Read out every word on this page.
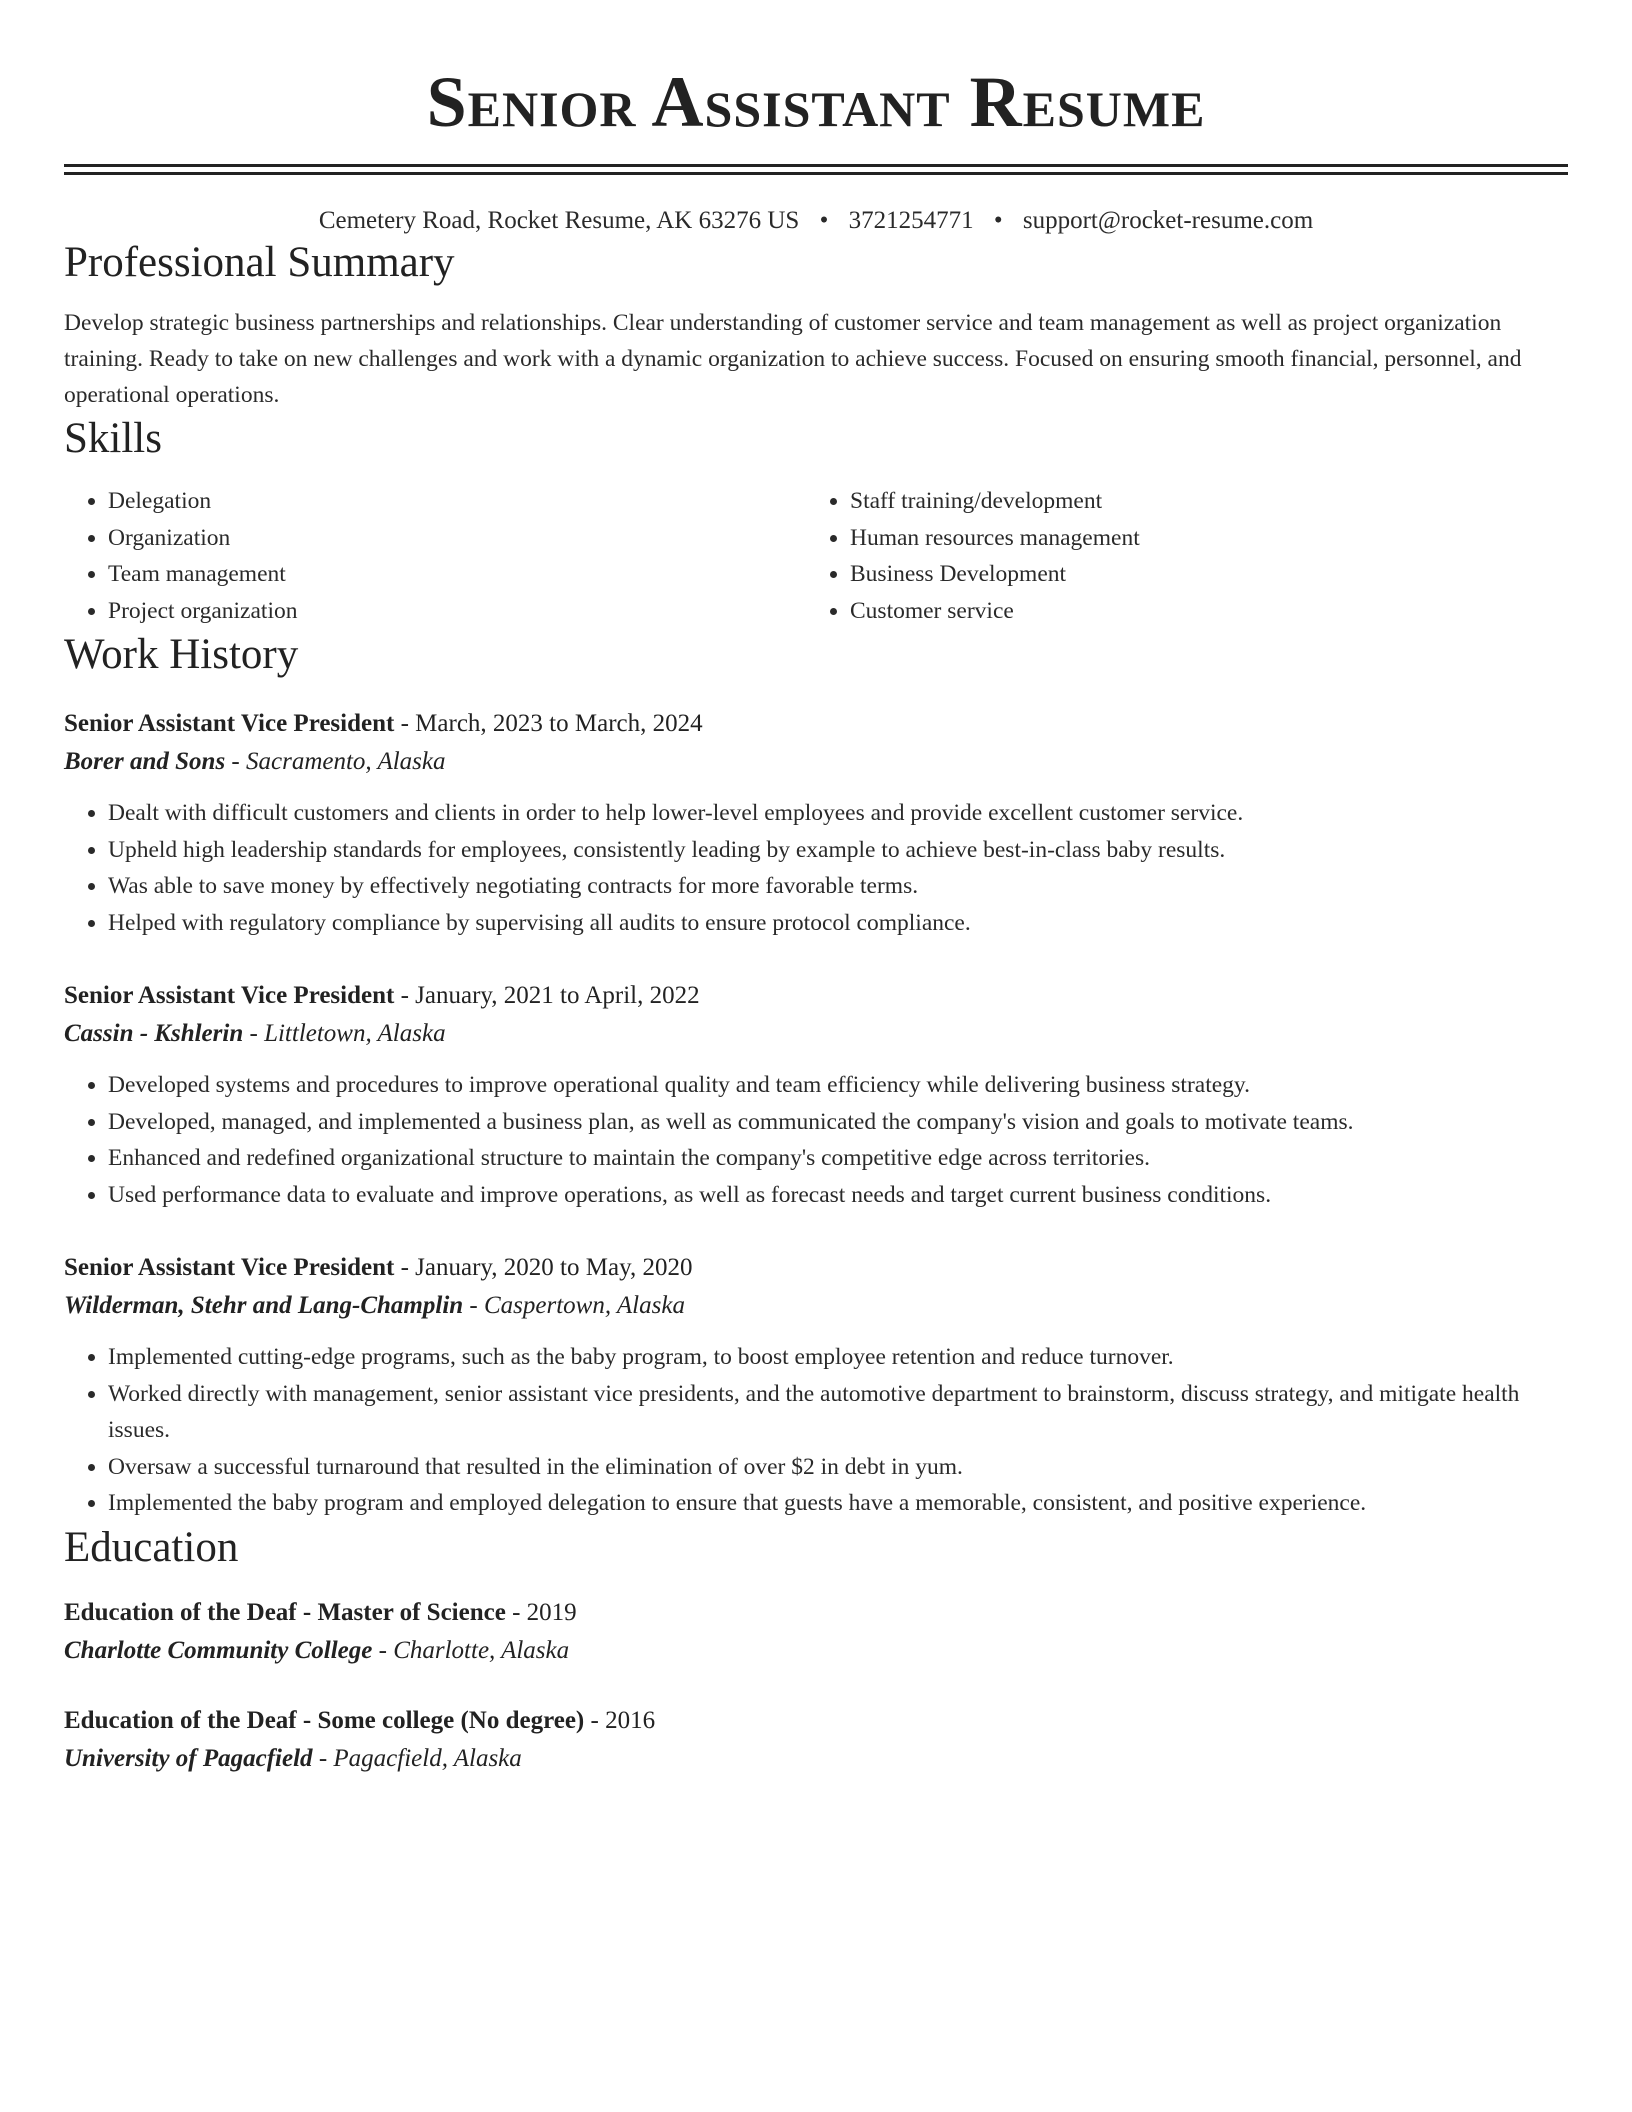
Senior Assistant Resume
Cemetery Road, Rocket Resume, AK 63276 US • 3721254771 • support@rocket-resume.com
Professional Summary

Develop strategic business partnerships and relationships. Clear understanding of customer service and team management as well as project organization training. Ready to take on new challenges and work with a dynamic organization to achieve success. Focused on ensuring smooth financial, personnel, and operational operations.

Skills
• Delegation
• Organization
• Team management
• Project organization
• Staff training/development
• Human resources management
• Business Development
• Customer service
Work History
Senior Assistant Vice President - March, 2023 to March, 2024
Borer and Sons - Sacramento, Alaska
• Dealt with difficult customers and clients in order to help lower-level employees and provide excellent customer service.
• Upheld high leadership standards for employees, consistently leading by example to achieve best-in-class baby results.
• Was able to save money by effectively negotiating contracts for more favorable terms.
• Helped with regulatory compliance by supervising all audits to ensure protocol compliance.
Senior Assistant Vice President - January, 2021 to April, 2022
Cassin - Kshlerin - Littletown, Alaska
• Developed systems and procedures to improve operational quality and team efficiency while delivering business strategy.
• Developed, managed, and implemented a business plan, as well as communicated the company's vision and goals to motivate teams.
• Enhanced and redefined organizational structure to maintain the company's competitive edge across territories.
• Used performance data to evaluate and improve operations, as well as forecast needs and target current business conditions.
Senior Assistant Vice President - January, 2020 to May, 2020
Wilderman, Stehr and Lang-Champlin - Caspertown, Alaska
• Implemented cutting-edge programs, such as the baby program, to boost employee retention and reduce turnover.
• Worked directly with management, senior assistant vice presidents, and the automotive department to brainstorm, discuss strategy, and mitigate health issues.
• Oversaw a successful turnaround that resulted in the elimination of over $2 in debt in yum.
• Implemented the baby program and employed delegation to ensure that guests have a memorable, consistent, and positive experience.
Education
Education of the Deaf - Master of Science - 2019
Charlotte Community College - Charlotte, Alaska
Education of the Deaf - Some college (No degree) - 2016
University of Pagacfield - Pagacfield, Alaska
